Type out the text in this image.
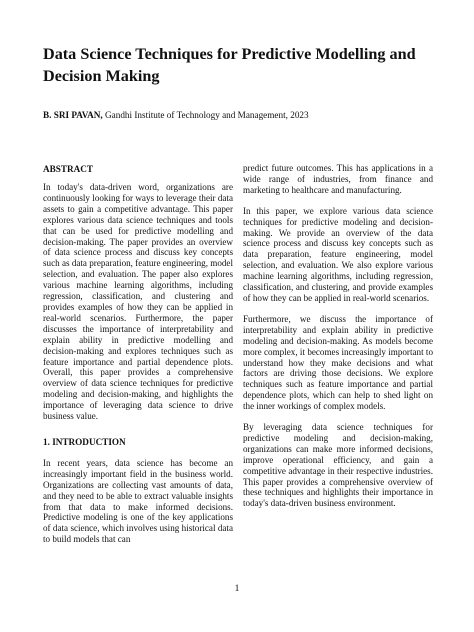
Data Science Techniques for Predictive Modelling and Decision Making
B. SRI PAVAN, Gandhi Institute of Technology and Management, 2023
ABSTRACT

In today's data-driven word, organizations are continuously looking for ways to leverage their data assets to gain a competitive advantage. This paper explores various data science techniques and tools that can be used for predictive modelling and decision-making. The paper provides an overview of data science process and discuss key concepts such as data preparation, feature engineering, model selection, and evaluation. The paper also explores various machine learning algorithms, including regression, classification, and clustering and provides examples of how they can be applied in real-world scenarios. Furthermore, the paper discusses the importance of interpretability and explain ability in predictive modelling and decision-making and explores techniques such as feature importance and partial dependence plots. Overall, this paper provides a comprehensive overview of data science techniques for predictive modeling and decision-making, and highlights the importance of leveraging data science to drive business value.

1. INTRODUCTION

In recent years, data science has become an increasingly important field in the business world. Organizations are collecting vast amounts of data, and they need to be able to extract valuable insights from that data to make informed decisions. Predictive modeling is one of the key applications of data science, which involves using historical data to build models that can

predict future outcomes. This has applications in a wide range of industries, from finance and marketing to healthcare and manufacturing.

In this paper, we explore various data science techniques for predictive modeling and decision-making. We provide an overview of the data science process and discuss key concepts such as data preparation, feature engineering, model selection, and evaluation. We also explore various machine learning algorithms, including regression, classification, and clustering, and provide examples of how they can be applied in real-world scenarios.

Furthermore, we discuss the importance of interpretability and explain ability in predictive modeling and decision-making. As models become more complex, it becomes increasingly important to understand how they make decisions and what factors are driving those decisions. We explore techniques such as feature importance and partial dependence plots, which can help to shed light on the inner workings of complex models.

By leveraging data science techniques for predictive modeling and decision-making, organizations can make more informed decisions, improve operational efficiency, and gain a competitive advantage in their respective industries. This paper provides a comprehensive overview of these techniques and highlights their importance in today's data-driven business environment.

1
